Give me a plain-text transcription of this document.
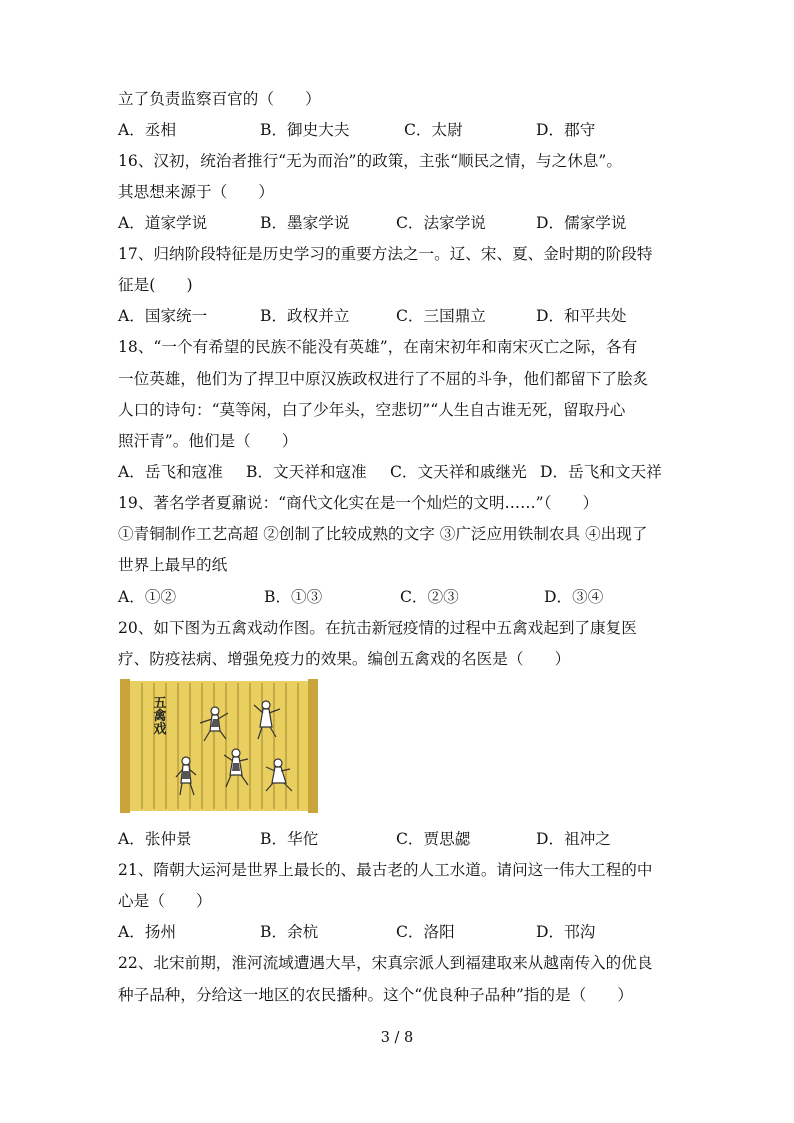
立了负责监察百官的（　　）
A．丞相	B．御史大夫	C．太尉	D．郡守
16、汉初，统治者推行“无为而治”的政策，主张“顺民之情，与之休息”。
其思想来源于（　　）
A．道家学说	B．墨家学说	C．法家学说	D．儒家学说
17、归纳阶段特征是历史学习的重要方法之一。辽、宋、夏、金时期的阶段特
征是(　　)
A．国家统一	B．政权并立	C．三国鼎立	D．和平共处
18、“一个有希望的民族不能没有英雄”，在南宋初年和南宋灭亡之际，各有
一位英雄，他们为了捍卫中原汉族政权进行了不屈的斗争，他们都留下了脍炙
人口的诗句：“莫等闲，白了少年头，空悲切”“人生自古谁无死，留取丹心
照汗青”。他们是（　　）
A．岳飞和寇准 B．文天祥和寇准 C．文天祥和戚继光 D．岳飞和文天祥
19、著名学者夏鼐说：“商代文化实在是一个灿烂的文明……”（　　）
①青铜制作工艺高超 ②创制了比较成熟的文字 ③广泛应用铁制农具 ④出现了
世界上最早的纸
A．①②	B．①③	C．②③	D．③④
20、如下图为五禽戏动作图。在抗击新冠疫情的过程中五禽戏起到了康复医
疗、防疫祛病、增强免疫力的效果。编创五禽戏的名医是（　　）
五禽戏
A．张仲景	B．华佗	C．贾思勰	D．祖冲之
21、隋朝大运河是世界上最长的、最古老的人工水道。请问这一伟大工程的中
心是（　　）
A．扬州	B．余杭	C．洛阳	D．邗沟
22、北宋前期，淮河流域遭遇大旱，宋真宗派人到福建取来从越南传入的优良
种子品种，分给这一地区的农民播种。这个“优良种子品种”指的是（　　）
3 / 8
